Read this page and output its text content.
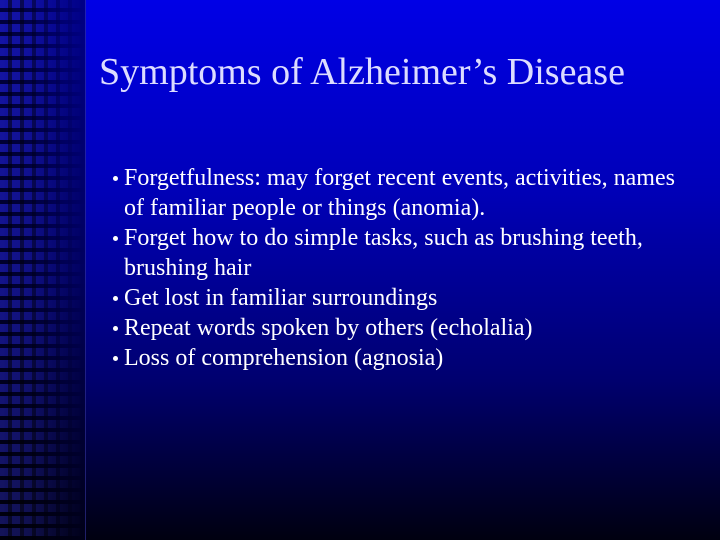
Symptoms of Alzheimer’s Disease
Forgetfulness: may forget recent events, activities, names of familiar people or things (anomia).
Forget how to do simple tasks, such as brushing teeth, brushing hair
Get lost in familiar surroundings
Repeat words spoken by others (echolalia)
Loss of comprehension (agnosia)
